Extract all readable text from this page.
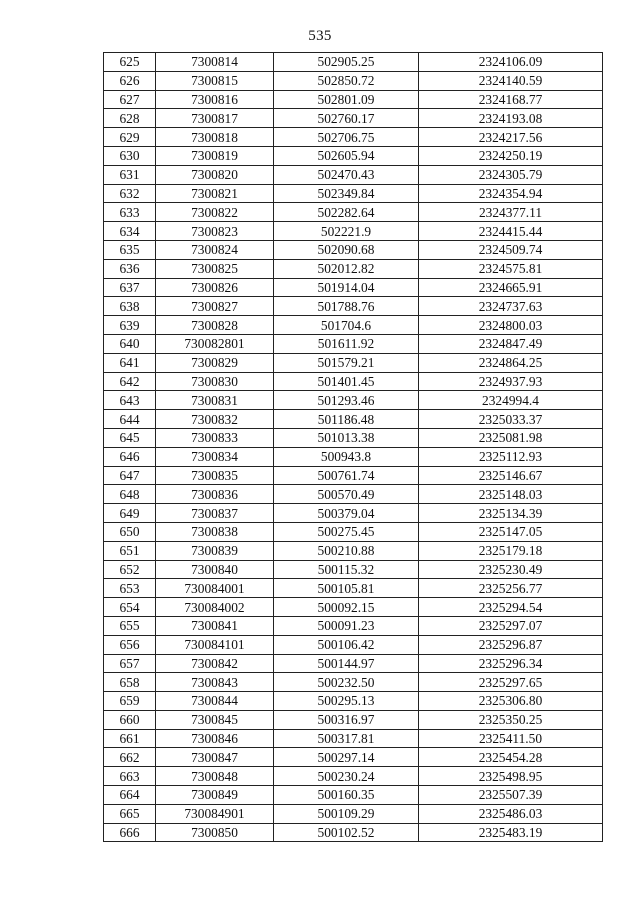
535
625	7300814	502905.25	2324106.09
626	7300815	502850.72	2324140.59
627	7300816	502801.09	2324168.77
628	7300817	502760.17	2324193.08
629	7300818	502706.75	2324217.56
630	7300819	502605.94	2324250.19
631	7300820	502470.43	2324305.79
632	7300821	502349.84	2324354.94
633	7300822	502282.64	2324377.11
634	7300823	502221.9	2324415.44
635	7300824	502090.68	2324509.74
636	7300825	502012.82	2324575.81
637	7300826	501914.04	2324665.91
638	7300827	501788.76	2324737.63
639	7300828	501704.6	2324800.03
640	730082801	501611.92	2324847.49
641	7300829	501579.21	2324864.25
642	7300830	501401.45	2324937.93
643	7300831	501293.46	2324994.4
644	7300832	501186.48	2325033.37
645	7300833	501013.38	2325081.98
646	7300834	500943.8	2325112.93
647	7300835	500761.74	2325146.67
648	7300836	500570.49	2325148.03
649	7300837	500379.04	2325134.39
650	7300838	500275.45	2325147.05
651	7300839	500210.88	2325179.18
652	7300840	500115.32	2325230.49
653	730084001	500105.81	2325256.77
654	730084002	500092.15	2325294.54
655	7300841	500091.23	2325297.07
656	730084101	500106.42	2325296.87
657	7300842	500144.97	2325296.34
658	7300843	500232.50	2325297.65
659	7300844	500295.13	2325306.80
660	7300845	500316.97	2325350.25
661	7300846	500317.81	2325411.50
662	7300847	500297.14	2325454.28
663	7300848	500230.24	2325498.95
664	7300849	500160.35	2325507.39
665	730084901	500109.29	2325486.03
666	7300850	500102.52	2325483.19
